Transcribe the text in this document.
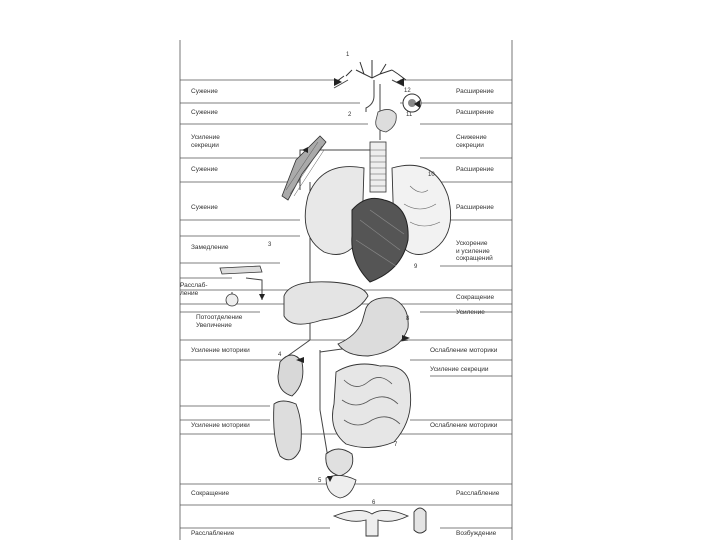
Сужение
Сужение
Усиление
секреции
Сужение
Сужение
Замедление
Расслаб-
ление
Потоотделение
Увеличение
Усиление моторики
Усиление моторики
Сокращение
Расслабление
Расширение
Расширение
Снижение
секреции
Расширение
Расширение
Ускорение
и усиление
сокращений
Сокращение
Усиление
Ослабление моторики
Усиление секреции
Ослабление моторики
Расслабление
Возбуждение
1
2
3
4
5
6
7
8
9
10
11
12
